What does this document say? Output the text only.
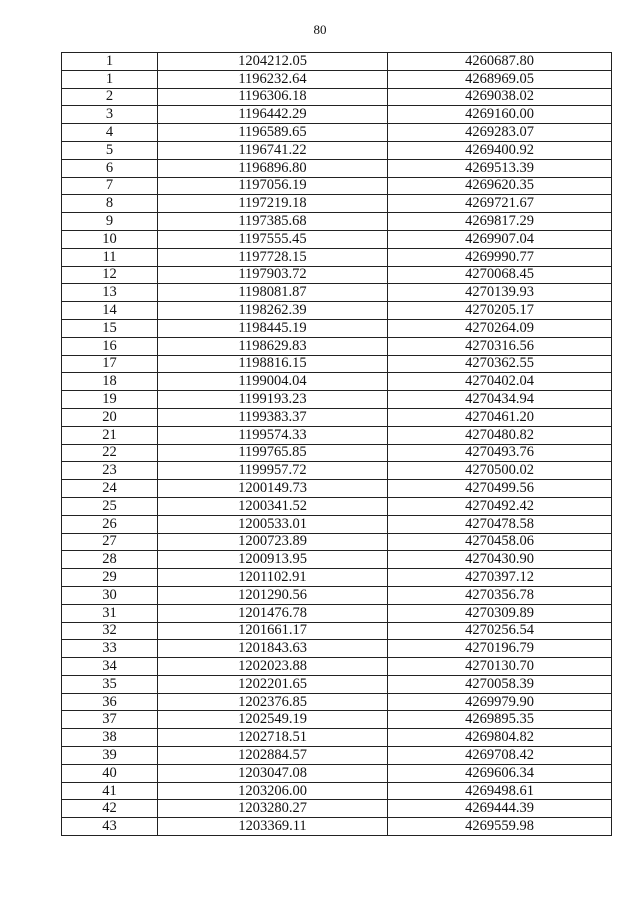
80
1	1204212.05	4260687.80
1	1196232.64	4268969.05
2	1196306.18	4269038.02
3	1196442.29	4269160.00
4	1196589.65	4269283.07
5	1196741.22	4269400.92
6	1196896.80	4269513.39
7	1197056.19	4269620.35
8	1197219.18	4269721.67
9	1197385.68	4269817.29
10	1197555.45	4269907.04
11	1197728.15	4269990.77
12	1197903.72	4270068.45
13	1198081.87	4270139.93
14	1198262.39	4270205.17
15	1198445.19	4270264.09
16	1198629.83	4270316.56
17	1198816.15	4270362.55
18	1199004.04	4270402.04
19	1199193.23	4270434.94
20	1199383.37	4270461.20
21	1199574.33	4270480.82
22	1199765.85	4270493.76
23	1199957.72	4270500.02
24	1200149.73	4270499.56
25	1200341.52	4270492.42
26	1200533.01	4270478.58
27	1200723.89	4270458.06
28	1200913.95	4270430.90
29	1201102.91	4270397.12
30	1201290.56	4270356.78
31	1201476.78	4270309.89
32	1201661.17	4270256.54
33	1201843.63	4270196.79
34	1202023.88	4270130.70
35	1202201.65	4270058.39
36	1202376.85	4269979.90
37	1202549.19	4269895.35
38	1202718.51	4269804.82
39	1202884.57	4269708.42
40	1203047.08	4269606.34
41	1203206.00	4269498.61
42	1203280.27	4269444.39
43	1203369.11	4269559.98
